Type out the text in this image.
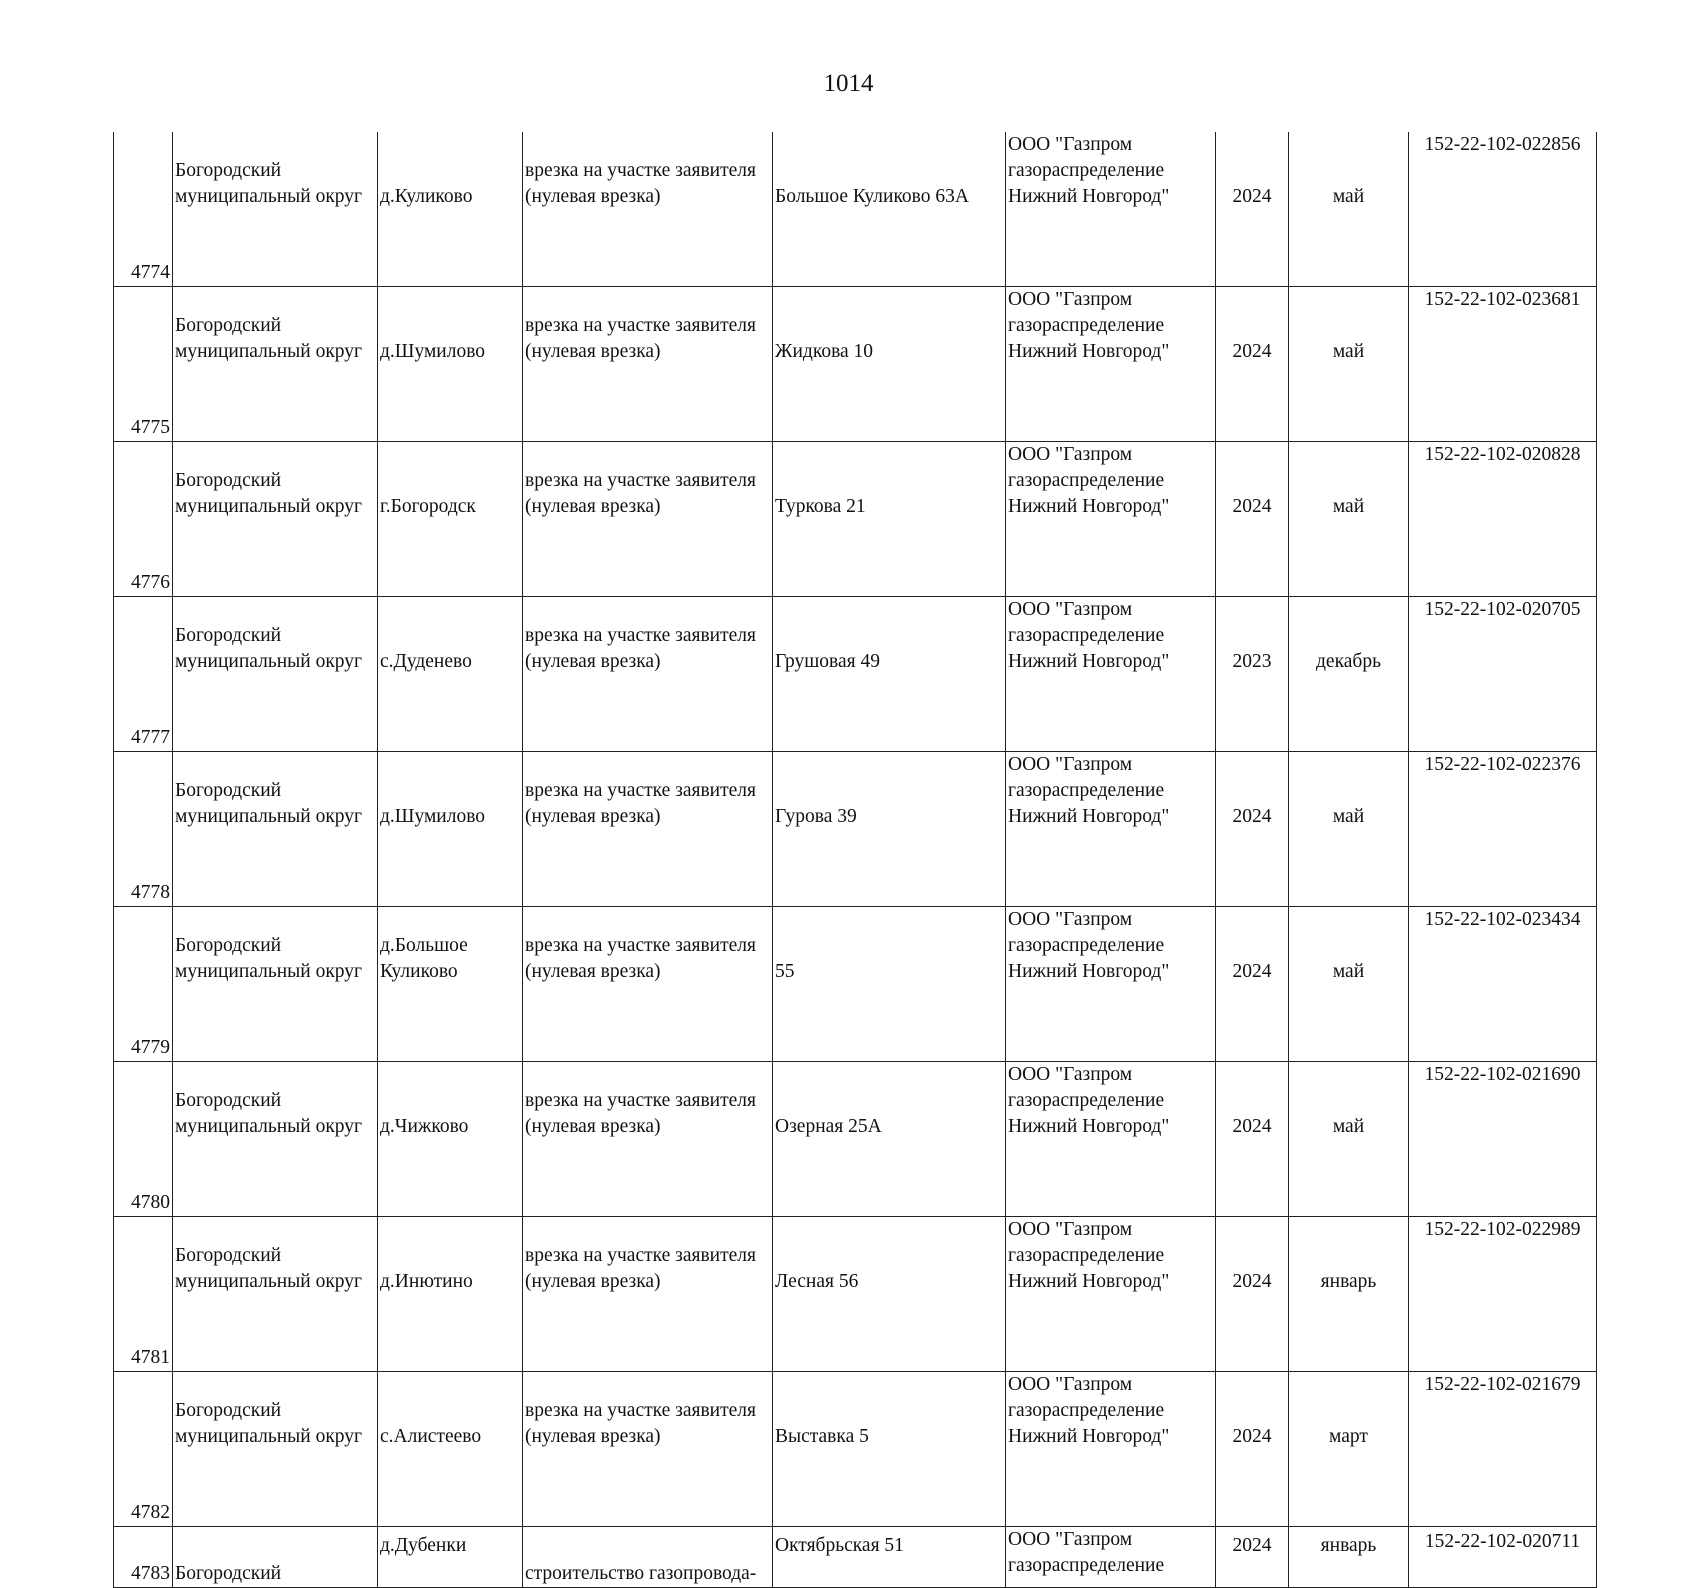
1014
4774	Богородский
муниципальный округ	д.Куликово	врезка на участке заявителя
(нулевая врезка)	Большое Куликово 63А	ООО "Газпром
газораспределение
Нижний Новгород"	2024	май	152-22-102-022856

4775	Богородский
муниципальный округ	д.Шумилово	врезка на участке заявителя
(нулевая врезка)	Жидкова 10	ООО "Газпром
газораспределение
Нижний Новгород"	2024	май	152-22-102-023681

4776	Богородский
муниципальный округ	г.Богородск	врезка на участке заявителя
(нулевая врезка)	Туркова 21	ООО "Газпром
газораспределение
Нижний Новгород"	2024	май	152-22-102-020828

4777	Богородский
муниципальный округ	с.Дуденево	врезка на участке заявителя
(нулевая врезка)	Грушовая 49	ООО "Газпром
газораспределение
Нижний Новгород"	2023	декабрь	152-22-102-020705

4778	Богородский
муниципальный округ	д.Шумилово	врезка на участке заявителя
(нулевая врезка)	Гурова 39	ООО "Газпром
газораспределение
Нижний Новгород"	2024	май	152-22-102-022376

4779	Богородский
муниципальный округ	д.Большое
Куликово	врезка на участке заявителя
(нулевая врезка)	55	ООО "Газпром
газораспределение
Нижний Новгород"	2024	май	152-22-102-023434

4780	Богородский
муниципальный округ	д.Чижково	врезка на участке заявителя
(нулевая врезка)	Озерная 25А	ООО "Газпром
газораспределение
Нижний Новгород"	2024	май	152-22-102-021690

4781	Богородский
муниципальный округ	д.Инютино	врезка на участке заявителя
(нулевая врезка)	Лесная 56	ООО "Газпром
газораспределение
Нижний Новгород"	2024	январь	152-22-102-022989

4782	Богородский
муниципальный округ	с.Алистеево	врезка на участке заявителя
(нулевая врезка)	Выставка 5	ООО "Газпром
газораспределение
Нижний Новгород"	2024	март	152-22-102-021679

4783	Богородский	д.Дубенки	строительство газопровода-	Октябрьская 51	ООО "Газпром
газораспределение	2024	январь	152-22-102-020711
